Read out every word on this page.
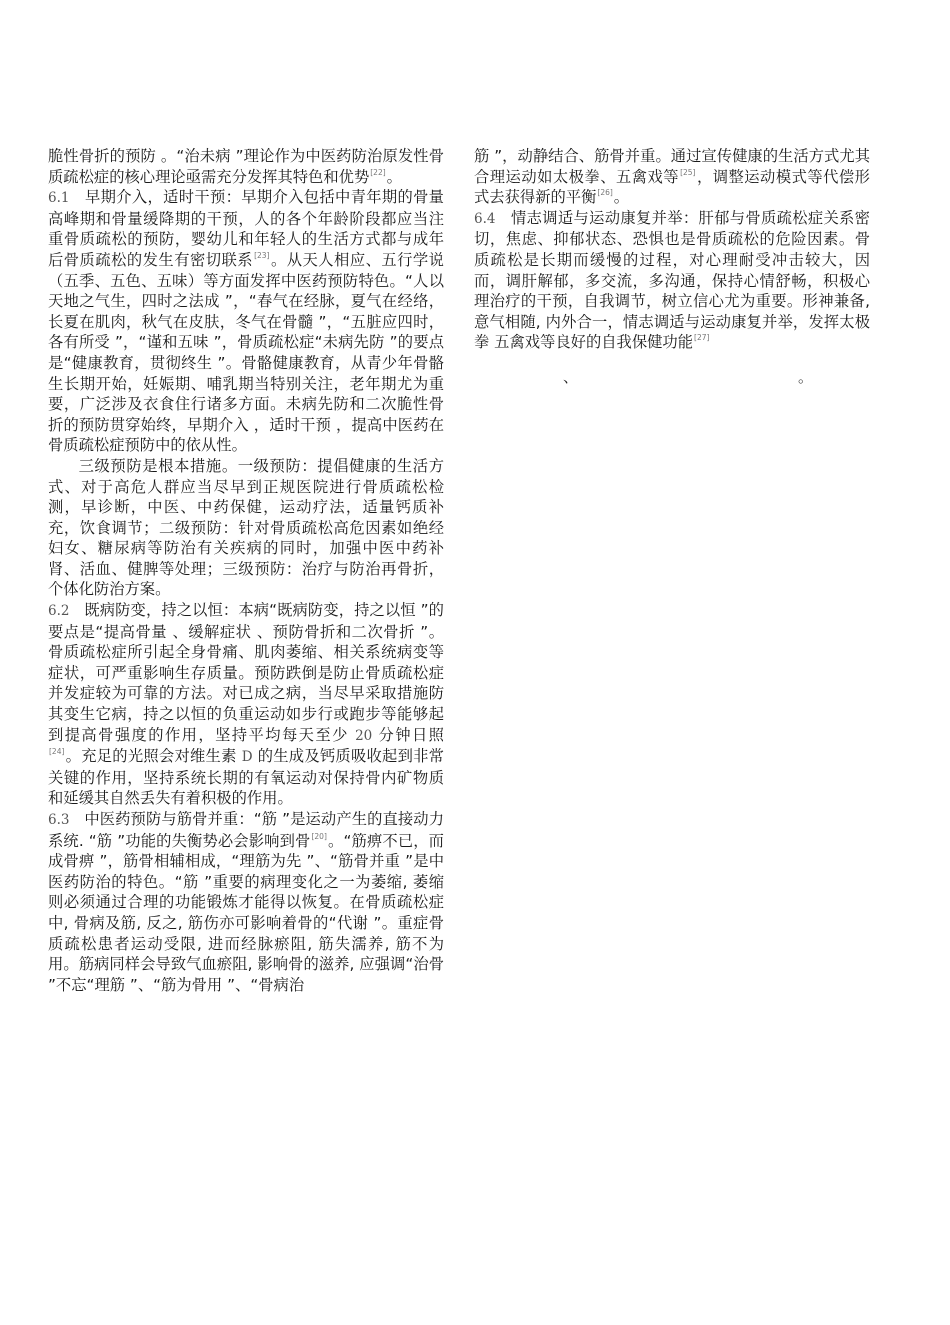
脆性骨折的预防 。“治未病 ”理论作为中医药防治原发性骨质疏松症的核心理论亟需充分发挥其特色和优势[22]。

6.1 早期介入，适时干预：早期介入包括中青年期的骨量高峰期和骨量缓降期的干预，人的各个年龄阶段都应当注重骨质疏松的预防，婴幼儿和年轻人的生活方式都与成年后骨质疏松的发生有密切联系[23]。从天人相应、五行学说（五季、五色、五味）等方面发挥中医药预防特色。“人以天地之气生，四时之法成 ”，“春气在经脉，夏气在经络，长夏在肌肉，秋气在皮肤，冬气在骨髓 ”，“五脏应四时，各有所受 ”，“谨和五味 ”，骨质疏松症“未病先防 ”的要点是“健康教育，贯彻终生 ”。骨骼健康教育，从青少年骨骼生长期开始，妊娠期、哺乳期当特别关注，老年期尤为重要，广泛涉及衣食住行诸多方面。未病先防和二次脆性骨折的预防贯穿始终，早期介入 ，适时干预 ，提高中医药在骨质疏松症预防中的依从性。

三级预防是根本措施。一级预防：提倡健康的生活方式、对于高危人群应当尽早到正规医院进行骨质疏松检测，早诊断，中医、中药保健，运动疗法，适量钙质补充，饮食调节；二级预防：针对骨质疏松高危因素如绝经妇女、糖尿病等防治有关疾病的同时，加强中医中药补肾、活血、健脾等处理；三级预防：治疗与防治再骨折，个体化防治方案。

6.2 既病防变，持之以恒：本病“既病防变，持之以恒 ”的要点是“提高骨量 、缓解症状 、预防骨折和二次骨折 ”。骨质疏松症所引起全身骨痛、肌肉萎缩、相关系统病变等症状，可严重影响生存质量。预防跌倒是防止骨质疏松症并发症较为可靠的方法。对已成之病，当尽早采取措施防其变生它病，持之以恒的负重运动如步行或跑步等能够起到提高骨强度的作用，坚持平均每天至少 20 分钟日照[24]。充足的光照会对维生素 D 的生成及钙质吸收起到非常关键的作用，坚持系统长期的有氧运动对保持骨内矿物质和延缓其自然丢失有着积极的作用。

6.3 中医药预防与筋骨并重：“筋 ”是运动产生的直接动力系统. “筋 ”功能的失衡势必会影响到骨[20]。“筋痹不已，而成骨痹 ”，筋骨相辅相成，“理筋为先 ”、“筋骨并重 ”是中医药防治的特色。“筋 ”重要的病理变化之一为萎缩, 萎缩则必须通过合理的功能锻炼才能得以恢复。在骨质疏松症中, 骨病及筋, 反之, 筋伤亦可影响着骨的“代谢 ”。重症骨质疏松患者运动受限, 进而经脉瘀阻, 筋失濡养, 筋不为用。筋病同样会导致气血瘀阻, 影响骨的滋养, 应强调“治骨 ”不忘“理筋 ”、“筋为骨用 ”、“骨病治

筋 ”，动静结合、筋骨并重。通过宣传健康的生活方式尤其合理运动如太极拳、五禽戏等[25]，调整运动模式等代偿形式去获得新的平衡[26]。

6.4 情志调适与运动康复并举：肝郁与骨质疏松症关系密切，焦虑、抑郁状态、恐惧也是骨质疏松的危险因素。骨质疏松是长期而缓慢的过程，对心理耐受冲击较大，因而，调肝解郁，多交流，多沟通，保持心情舒畅，积极心理治疗的干预，自我调节，树立信心尤为重要。形神兼备, 意气相随, 内外合一，情志调适与运动康复并举，发挥太极拳 五禽戏等良好的自我保健功能[27]

、	。
